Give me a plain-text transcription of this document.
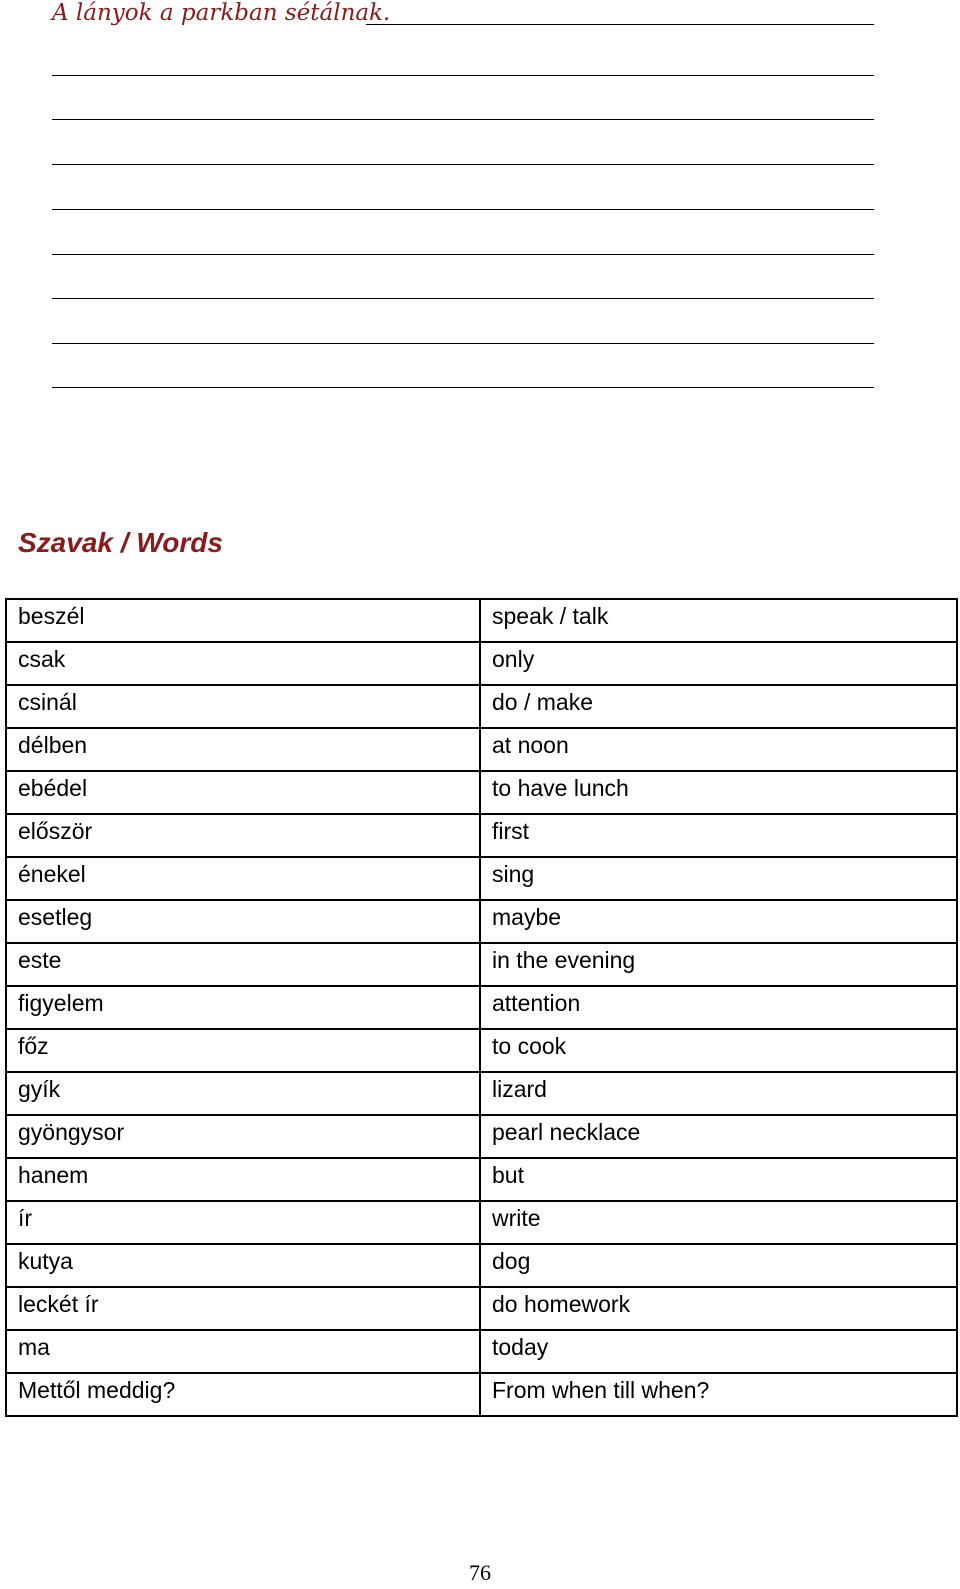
A lányok a parkban sétálnak.
Szavak / Words
beszél	speak / talk
csak	only
csinál	do / make
délben	at noon
ebédel	to have lunch
először	first
énekel	sing
esetleg	maybe
este	in the evening
figyelem	attention
főz	to cook
gyík	lizard
gyöngysor	pearl necklace
hanem	but
ír	write
kutya	dog
leckét ír	do homework
ma	today
Mettől meddig?	From when till when?
76
